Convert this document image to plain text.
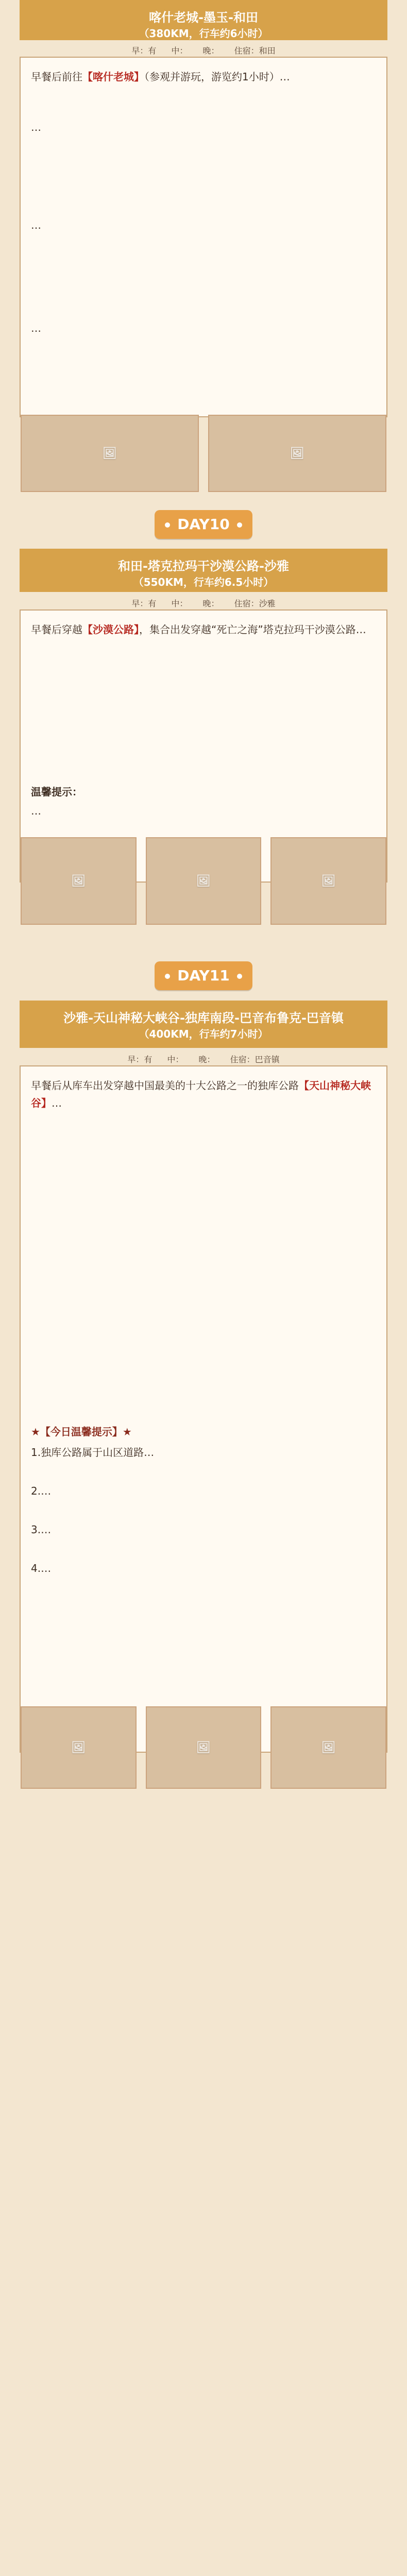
喀什老城-墨玉-和田
（380KM，行车约6小时）
早：有 中： 晚： 住宿：和田
早餐后前往【喀什老城】（参观并游玩，游览约1小时）…
…
…
…
🖼	🖼
DAY10
和田-塔克拉玛干沙漠公路-沙雅
（550KM，行车约6.5小时）
早：有 中： 晚： 住宿：沙雅
早餐后穿越【沙漠公路】，集合出发穿越“死亡之海”塔克拉玛干沙漠公路…
温馨提示：
…
🖼	🖼	🖼
DAY11
沙雅-天山神秘大峡谷-独库南段-巴音布鲁克-巴音镇
（400KM，行车约7小时）
早：有 中： 晚： 住宿：巴音镇
早餐后从库车出发穿越中国最美的十大公路之一的独库公路【天山神秘大峡谷】…
★【今日温馨提示】★
1.独库公路属于山区道路…
2.…
3.…
4.…
🖼	🖼	🖼
